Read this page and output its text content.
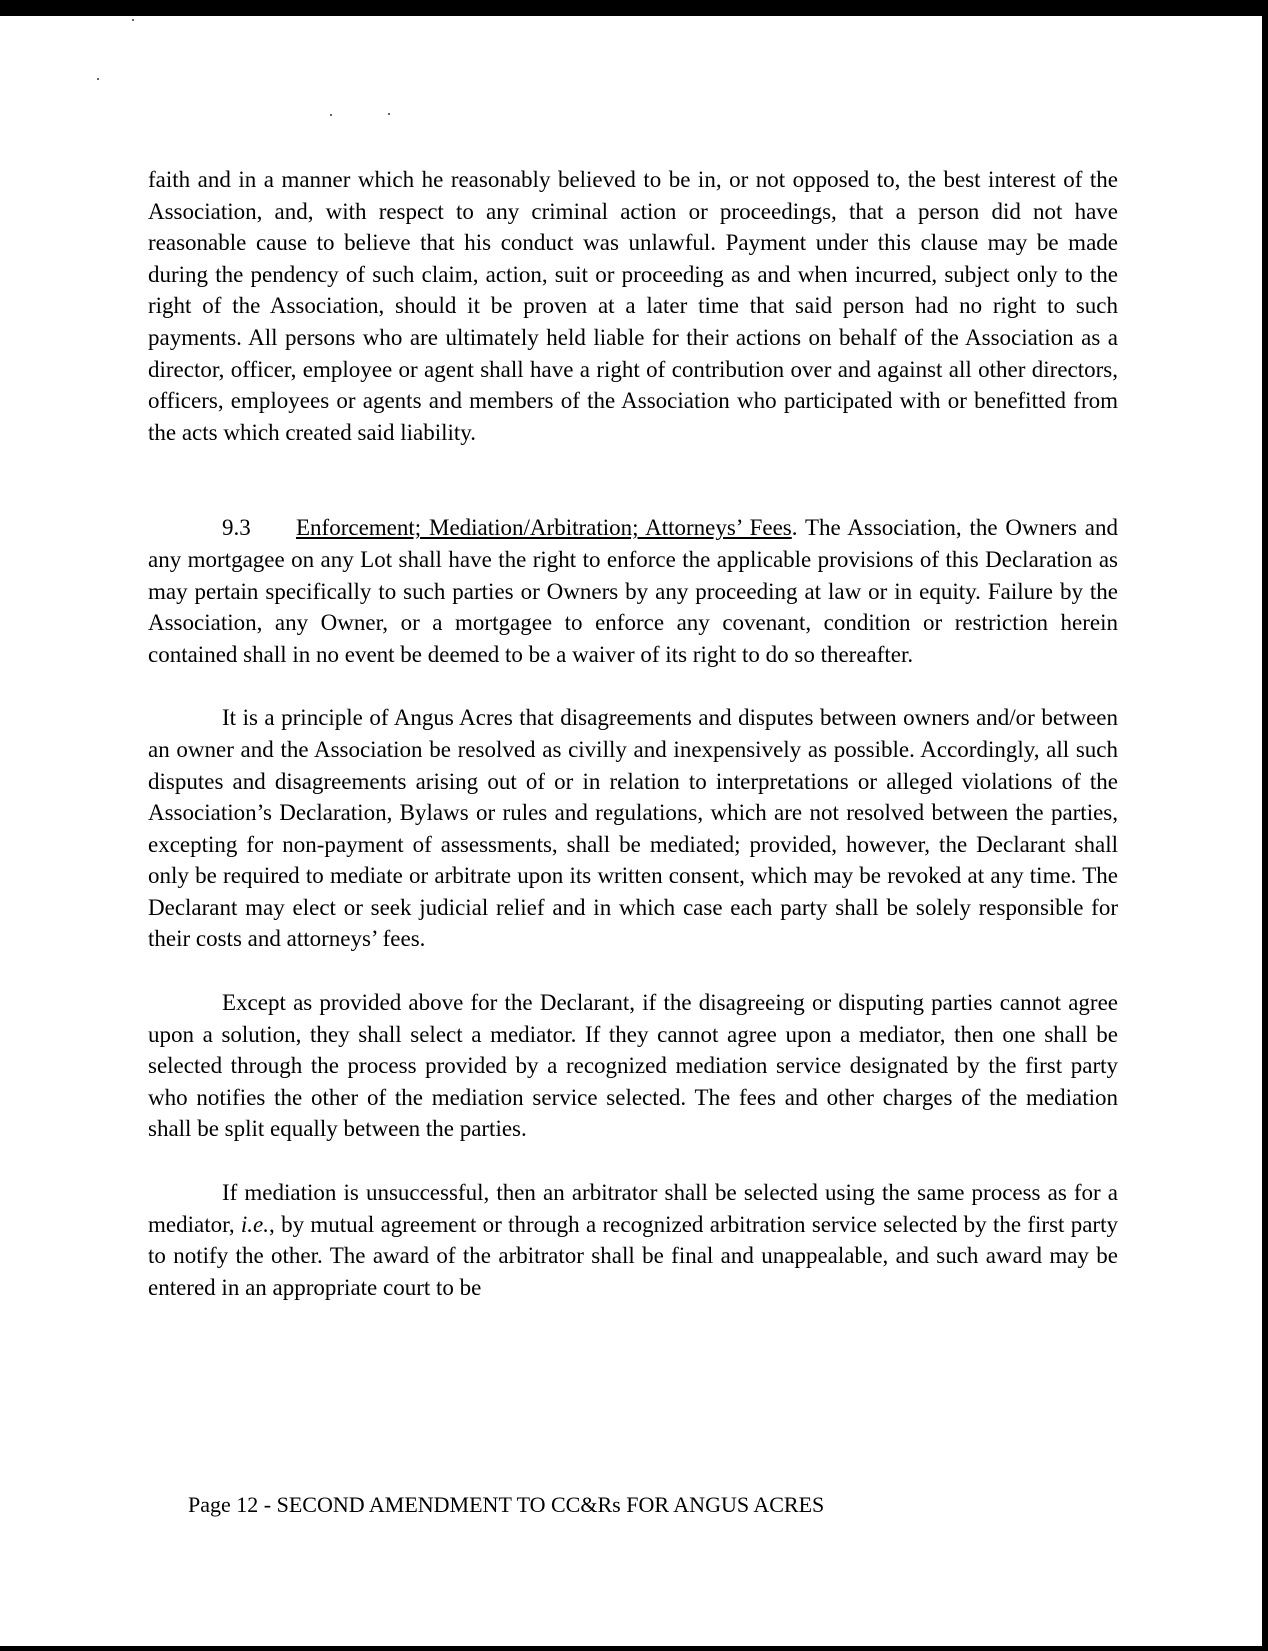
faith and in a manner which he reasonably believed to be in, or not opposed to, the best interest of the Association, and, with respect to any criminal action or proceedings, that a person did not have reasonable cause to believe that his conduct was unlawful. Payment under this clause may be made during the pendency of such claim, action, suit or proceeding as and when incurred, subject only to the right of the Association, should it be proven at a later time that said person had no right to such payments. All persons who are ultimately held liable for their actions on behalf of the Association as a director, officer, employee or agent shall have a right of contribution over and against all other directors, officers, employees or agents and members of the Association who participated with or benefitted from the acts which created said liability.

9.3 Enforcement; Mediation/Arbitration; Attorneys’ Fees. The Association, the Owners and any mortgagee on any Lot shall have the right to enforce the applicable provisions of this Declaration as may pertain specifically to such parties or Owners by any proceeding at law or in equity. Failure by the Association, any Owner, or a mortgagee to enforce any covenant, condition or restriction herein contained shall in no event be deemed to be a waiver of its right to do so thereafter.

It is a principle of Angus Acres that disagreements and disputes between owners and/or between an owner and the Association be resolved as civilly and inexpensively as possible. Accordingly, all such disputes and disagreements arising out of or in relation to interpretations or alleged violations of the Association’s Declaration, Bylaws or rules and regulations, which are not resolved between the parties, excepting for non-payment of assessments, shall be mediated; provided, however, the Declarant shall only be required to mediate or arbitrate upon its written consent, which may be revoked at any time. The Declarant may elect or seek judicial relief and in which case each party shall be solely responsible for their costs and attorneys’ fees.

Except as provided above for the Declarant, if the disagreeing or disputing parties cannot agree upon a solution, they shall select a mediator. If they cannot agree upon a mediator, then one shall be selected through the process provided by a recognized mediation service designated by the first party who notifies the other of the mediation service selected. The fees and other charges of the mediation shall be split equally between the parties.

If mediation is unsuccessful, then an arbitrator shall be selected using the same process as for a mediator, i.e., by mutual agreement or through a recognized arbitration service selected by the first party to notify the other. The award of the arbitrator shall be final and unappealable, and such award may be entered in an appropriate court to be

Page 12 - SECOND AMENDMENT TO CC&Rs FOR ANGUS ACRES
